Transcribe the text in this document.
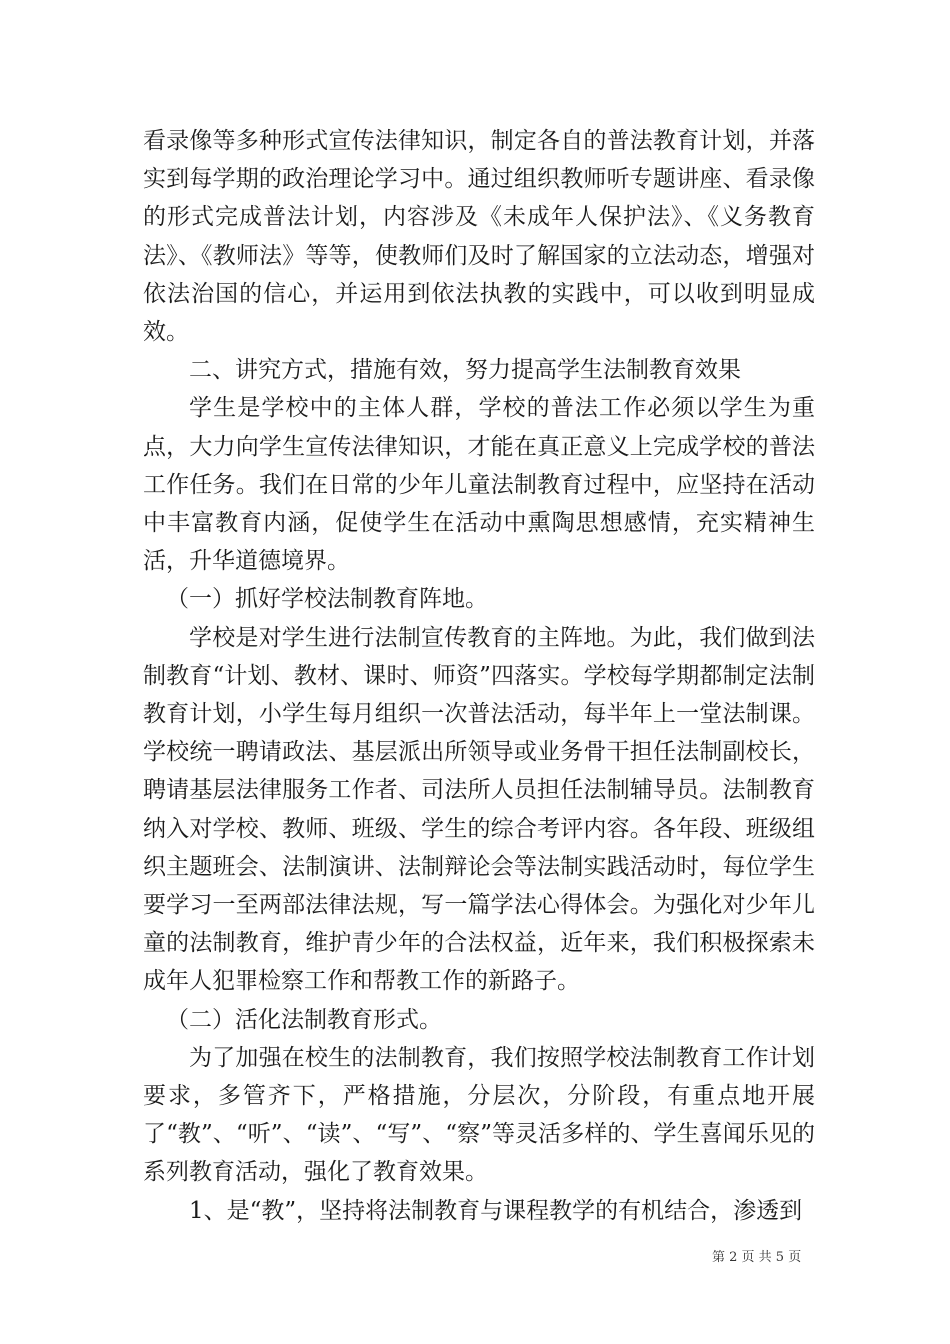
看录像等多种形式宣传法律知识，制定各自的普法教育计划，并落实到每学期的政治理论学习中。通过组织教师听专题讲座、看录像的形式完成普法计划，内容涉及《未成年人保护法》、《义务教育法》、《教师法》等等，使教师们及时了解国家的立法动态，增强对依法治国的信心，并运用到依法执教的实践中，可以收到明显成效。

二、讲究方式，措施有效，努力提高学生法制教育效果

学生是学校中的主体人群，学校的普法工作必须以学生为重点，大力向学生宣传法律知识，才能在真正意义上完成学校的普法工作任务。我们在日常的少年儿童法制教育过程中，应坚持在活动中丰富教育内涵，促使学生在活动中熏陶思想感情，充实精神生活，升华道德境界。

（一）抓好学校法制教育阵地。

学校是对学生进行法制宣传教育的主阵地。为此，我们做到法制教育“计划、教材、课时、师资”四落实。学校每学期都制定法制教育计划，小学生每月组织一次普法活动，每半年上一堂法制课。学校统一聘请政法、基层派出所领导或业务骨干担任法制副校长，聘请基层法律服务工作者、司法所人员担任法制辅导员。法制教育纳入对学校、教师、班级、学生的综合考评内容。各年段、班级组织主题班会、法制演讲、法制辩论会等法制实践活动时，每位学生要学习一至两部法律法规，写一篇学法心得体会。为强化对少年儿童的法制教育，维护青少年的合法权益，近年来，我们积极探索未成年人犯罪检察工作和帮教工作的新路子。

（二）活化法制教育形式。

为了加强在校生的法制教育，我们按照学校法制教育工作计划要求，多管齐下，严格措施，分层次，分阶段，有重点地开展了“教”、“听”、“读”、“写”、“察”等灵活多样的、学生喜闻乐见的系列教育活动，强化了教育效果。

1、是“教”，坚持将法制教育与课程教学的有机结合，渗透到

第 2 页 共 5 页
